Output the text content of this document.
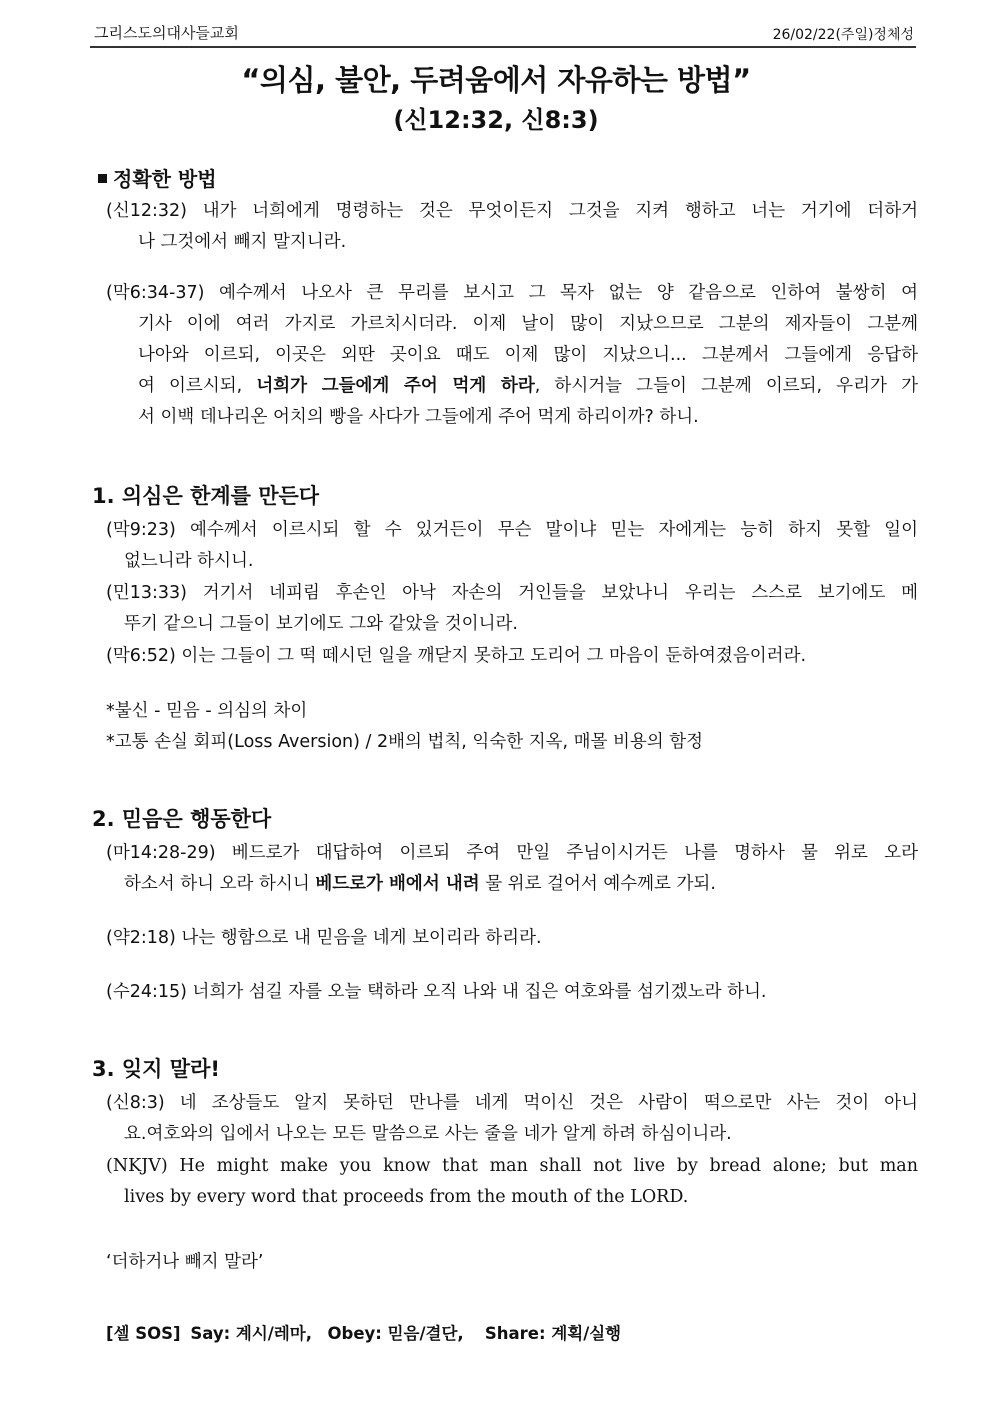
그리스도의대사들교회	26/02/22(주일)정체성
“의심, 불안, 두려움에서 자유하는 방법”
(신12:32, 신8:3)
정확한 방법
(신12:32) 내가 너희에게 명령하는 것은 무엇이든지 그것을 지켜 행하고 너는 거기에 더하거
나 그것에서 빼지 말지니라.
(막6:34-37) 예수께서 나오사 큰 무리를 보시고 그 목자 없는 양 같음으로 인하여 불쌍히 여
기사 이에 여러 가지로 가르치시더라. 이제 날이 많이 지났으므로 그분의 제자들이 그분께
나아와 이르되, 이곳은 외딴 곳이요 때도 이제 많이 지났으니... 그분께서 그들에게 응답하
여 이르시되, 너희가 그들에게 주어 먹게 하라, 하시거늘 그들이 그분께 이르되, 우리가 가
서 이백 데나리온 어치의 빵을 사다가 그들에게 주어 먹게 하리이까? 하니.
1. 의심은 한계를 만든다
(막9:23) 예수께서 이르시되 할 수 있거든이 무슨 말이냐 믿는 자에게는 능히 하지 못할 일이
없느니라 하시니.
(민13:33) 거기서 네피림 후손인 아낙 자손의 거인들을 보았나니 우리는 스스로 보기에도 메
뚜기 같으니 그들이 보기에도 그와 같았을 것이니라.
(막6:52) 이는 그들이 그 떡 떼시던 일을 깨닫지 못하고 도리어 그 마음이 둔하여졌음이러라.
*불신 - 믿음 - 의심의 차이
*고통 손실 회피(Loss Aversion) / 2배의 법칙, 익숙한 지옥, 매몰 비용의 함정
2. 믿음은 행동한다
(마14:28-29) 베드로가 대답하여 이르되 주여 만일 주님이시거든 나를 명하사 물 위로 오라
하소서 하니 오라 하시니 베드로가 배에서 내려 물 위로 걸어서 예수께로 가되.
(약2:18) 나는 행함으로 내 믿음을 네게 보이리라 하리라.
(수24:15) 너희가 섬길 자를 오늘 택하라 오직 나와 내 집은 여호와를 섬기겠노라 하니.
3. 잊지 말라!
(신8:3) 네 조상들도 알지 못하던 만나를 네게 먹이신 것은 사람이 떡으로만 사는 것이 아니
요.여호와의 입에서 나오는 모든 말씀으로 사는 줄을 네가 알게 하려 하심이니라.
(NKJV) He might make you know that man shall not live by bread alone; but man
lives by every word that proceeds from the mouth of the LORD.
‘더하거나 빼지 말라’
[셀 SOS] Say: 계시/레마, Obey: 믿음/결단, Share: 계획/실행
